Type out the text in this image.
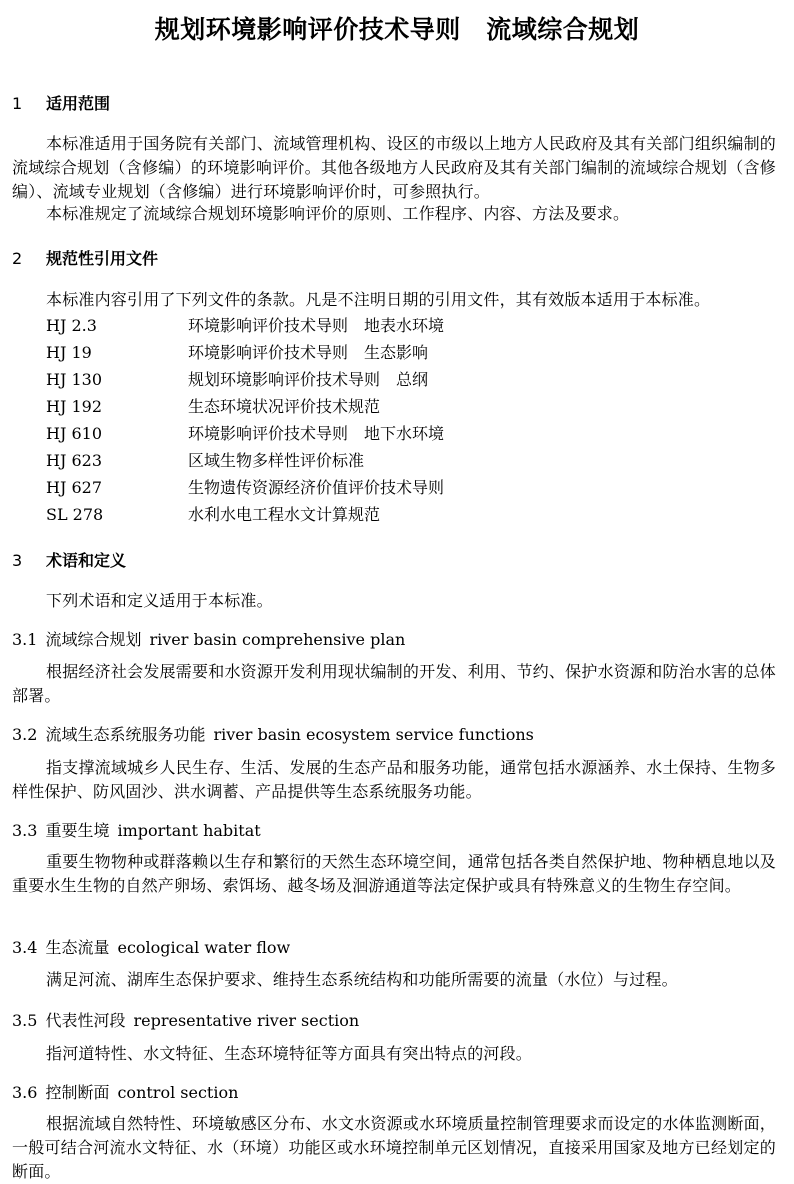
规划环境影响评价技术导则　流域综合规划
1 适用范围
本标准适用于国务院有关部门、流域管理机构、设区的市级以上地方人民政府及其有关部门组织编制的流域综合规划（含修编）的环境影响评价。其他各级地方人民政府及其有关部门编制的流域综合规划（含修编）、流域专业规划（含修编）进行环境影响评价时，可参照执行。
本标准规定了流域综合规划环境影响评价的原则、工作程序、内容、方法及要求。
2 规范性引用文件
本标准内容引用了下列文件的条款。凡是不注明日期的引用文件，其有效版本适用于本标准。
HJ 2.3	环境影响评价技术导则　地表水环境
HJ 19	环境影响评价技术导则　生态影响
HJ 130	规划环境影响评价技术导则　总纲
HJ 192	生态环境状况评价技术规范
HJ 610	环境影响评价技术导则　地下水环境
HJ 623	区域生物多样性评价标准
HJ 627	生物遗传资源经济价值评价技术导则
SL 278	水利水电工程水文计算规范
3 术语和定义
下列术语和定义适用于本标准。
3.1 流域综合规划 river basin comprehensive plan
根据经济社会发展需要和水资源开发利用现状编制的开发、利用、节约、保护水资源和防治水害的总体部署。
3.2 流域生态系统服务功能 river basin ecosystem service functions
指支撑流域城乡人民生存、生活、发展的生态产品和服务功能，通常包括水源涵养、水土保持、生物多样性保护、防风固沙、洪水调蓄、产品提供等生态系统服务功能。
3.3 重要生境 important habitat
重要生物物种或群落赖以生存和繁衍的天然生态环境空间，通常包括各类自然保护地、物种栖息地以及重要水生生物的自然产卵场、索饵场、越冬场及洄游通道等法定保护或具有特殊意义的生物生存空间。
3.4 生态流量 ecological water flow
满足河流、湖库生态保护要求、维持生态系统结构和功能所需要的流量（水位）与过程。
3.5 代表性河段 representative river section
指河道特性、水文特征、生态环境特征等方面具有突出特点的河段。
3.6 控制断面 control section
根据流域自然特性、环境敏感区分布、水文水资源或水环境质量控制管理要求而设定的水体监测断面，一般可结合河流水文特征、水（环境）功能区或水环境控制单元区划情况，直接采用国家及地方已经划定的断面。
